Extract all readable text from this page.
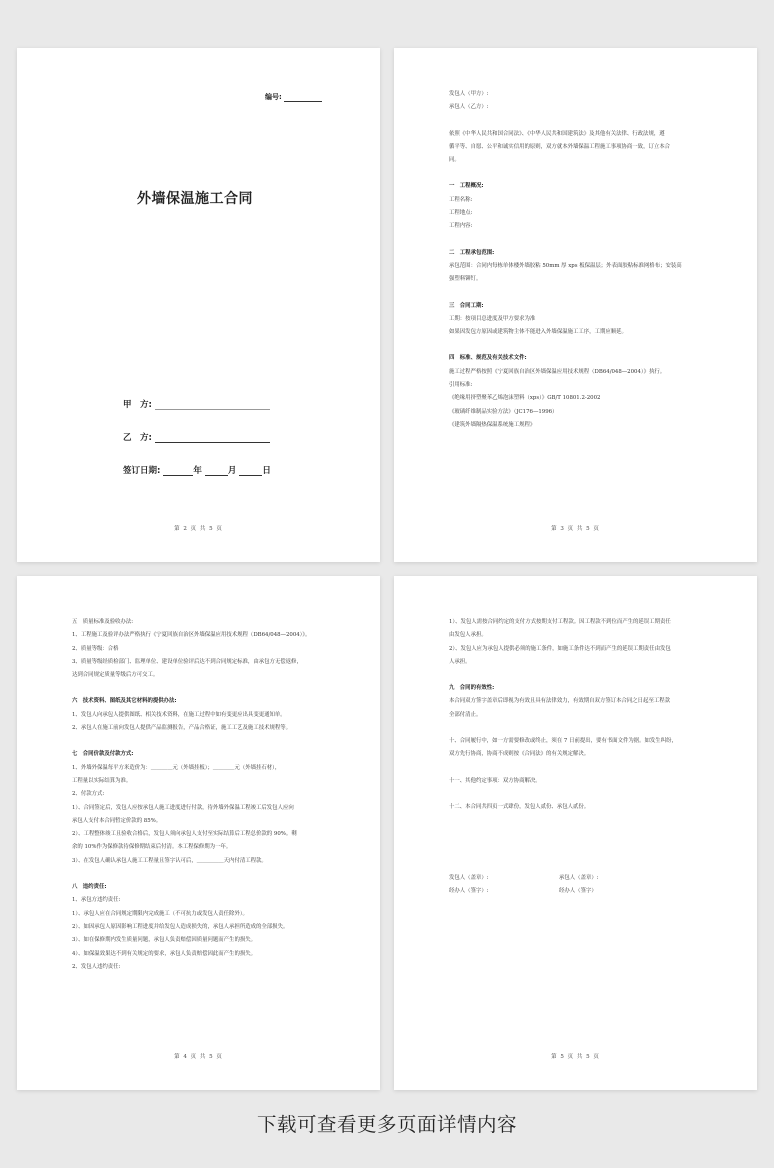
编号:
外墙保温施工合同
甲　方:
乙　方:
签订日期:	年	月	日
第 2 页 共 5 页

发包人（甲方）:

承包人（乙方）:

依照《中华人民共和国合同法》、《中华人民共和国建筑法》及其他有关法律、行政法规，遵

循平等、自愿、公平和诚实信用的原则，双方就本外墙保温工程施工事项协商一致，订立本合

同。

一　工程概况:

工程名称:

工程地点:

工程内容:

二　工程承包范围:

承包范围：合同内每栋单体楼外墙胶粘 50mm 厚 xps 板保温层；外表面胶粘标准网格布；安装高

强塑料铆钉。

三　合同工期:

工期：按项目总进度及甲方要求为准

如果因发包方原因或建筑物主体不能进入外墙保温施工工序，工期应顺延。

四　标准、规范及有关技术文件:

施工过程严格按照《宁夏回族自治区外墙保温应用技术规程（DB64/048—2004）》执行。

引用标准:

《绝缘用挤塑聚苯乙烯泡沫塑料（xps）》GB/T 10801.2-2002

《玻璃纤维制品实验方法》（JC176—1996）

《建筑外墙隔热保温系统施工规程》

第 3 页 共 5 页

五　质量标准及验收办法:

1、工程施工及验评办法严格执行《宁夏回族自治区外墙保温应用技术规程（DB64/048—2004）》。

2、质量等级：合格

3、质量等级经质检部门、监理单位、建设单位验评后达不到合同规定标准，由承包方无偿返修，

达到合同规定质量等级后方可交工。

六　技术资料、图纸及其它材料的提供办法:

1、发包人向承包人提供图纸、相关技术资料，在施工过程中如有变更应出具变更通知单。

2、承包人在施工前向发包人提供产品监测报告，产品合格证，施工工艺及施工技术规程等。

七　合同价款及付款方式:

1、外墙外保温每平方米造价为：＿＿＿＿元（外墙挂板）；＿＿＿＿元（外墙挂石材），

工程量以实际结算为准。

2、付款方式:

1）、合同签定后，发包人应按承包人施工进度进行付款，待外墙外保温工程竣工后发包人应向

承包人支付本合同暂定价款的 85%。

2）、工程整体竣工且验收合格后，发包人须向承包人支付至实际结算后工程总价款的 90%。剩

余的 10%作为保修款待保修期结束后付清。本工程保修期为一年。

3）、在发包人确认承包人施工工程量且签字认可后，＿＿＿＿＿天内付清工程款。

八　违约责任:

1、承包方违约责任:

1）、承包人应在合同规定期限内完成施工（不可抗力或发包人责任除外）。

2）、如因承包人原因影响工程进度并给发包人造成损失的，承包人承担所造成的全部损失。

3）、如在保修期内发生质量问题，承包人负责赔偿因质量问题而产生的损失。

4）、如保温效果达不到有关规定的要求，承包人负责赔偿因此而产生的损失。

2、发包人违约责任:

第 4 页 共 5 页

1）、发包人需按合同约定的支付方式按期支付工程款。因工程款不到位而产生的延误工期责任

由发包人承担。

2）、发包人应为承包人提供必须的施工条件，如施工条件达不到而产生的延误工期责任由发包

人承担。

九　合同的有效性:

本合同双方签字盖章后即视为有效且具有法律效力，有效期自双方签订本合同之日起至工程款

全部付清止。

十、合同履行中，如一方需要修改或终止，须在 7 日前提出，要有书面文件为据。如发生纠纷，

双方先行协商，协商不成则按《合同法》的有关规定解决。

十一、其他约定事项：双方协商解决。

十二、本合同共四页一式肆份，发包人贰份、承包人贰份。

发包人（盖章）:	承包人（盖章）:
经办人（签字）:	经办人（签字）
第 5 页 共 5 页
下载可查看更多页面详情内容
